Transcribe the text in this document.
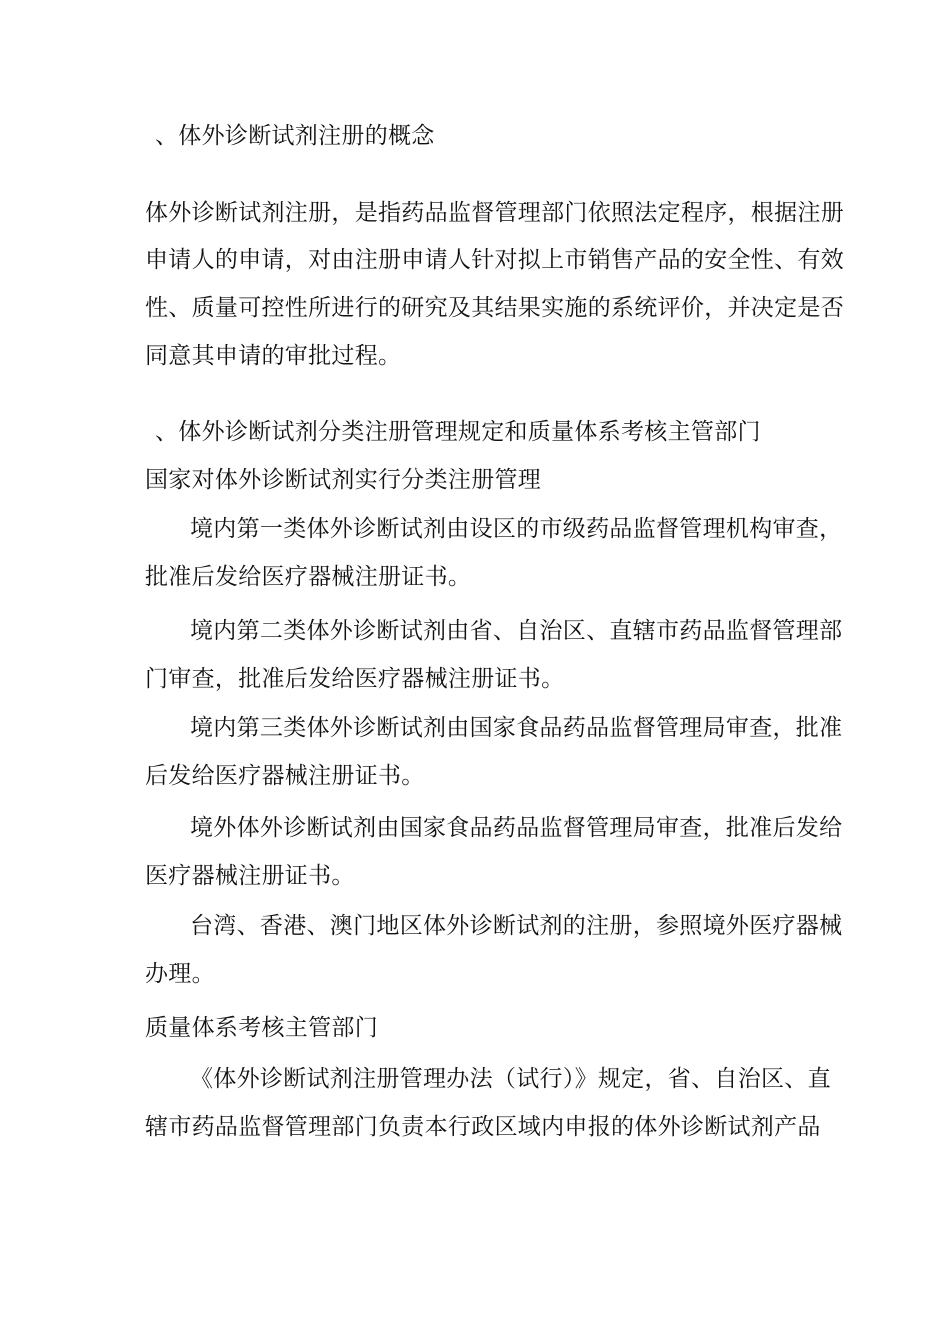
、体外诊断试剂注册的概念
体外诊断试剂注册，是指药品监督管理部门依照法定程序，根据注册
申请人的申请，对由注册申请人针对拟上市销售产品的安全性、有效
性、质量可控性所进行的研究及其结果实施的系统评价，并决定是否
同意其申请的审批过程。
、体外诊断试剂分类注册管理规定和质量体系考核主管部门
国家对体外诊断试剂实行分类注册管理
境内第一类体外诊断试剂由设区的市级药品监督管理机构审查，
批准后发给医疗器械注册证书。
境内第二类体外诊断试剂由省、自治区、直辖市药品监督管理部
门审查，批准后发给医疗器械注册证书。
境内第三类体外诊断试剂由国家食品药品监督管理局审查，批准
后发给医疗器械注册证书。
境外体外诊断试剂由国家食品药品监督管理局审查，批准后发给
医疗器械注册证书。
台湾、香港、澳门地区体外诊断试剂的注册，参照境外医疗器械
办理。
质量体系考核主管部门
《体外诊断试剂注册管理办法（试行）》规定，省、自治区、直
辖市药品监督管理部门负责本行政区域内申报的体外诊断试剂产品
